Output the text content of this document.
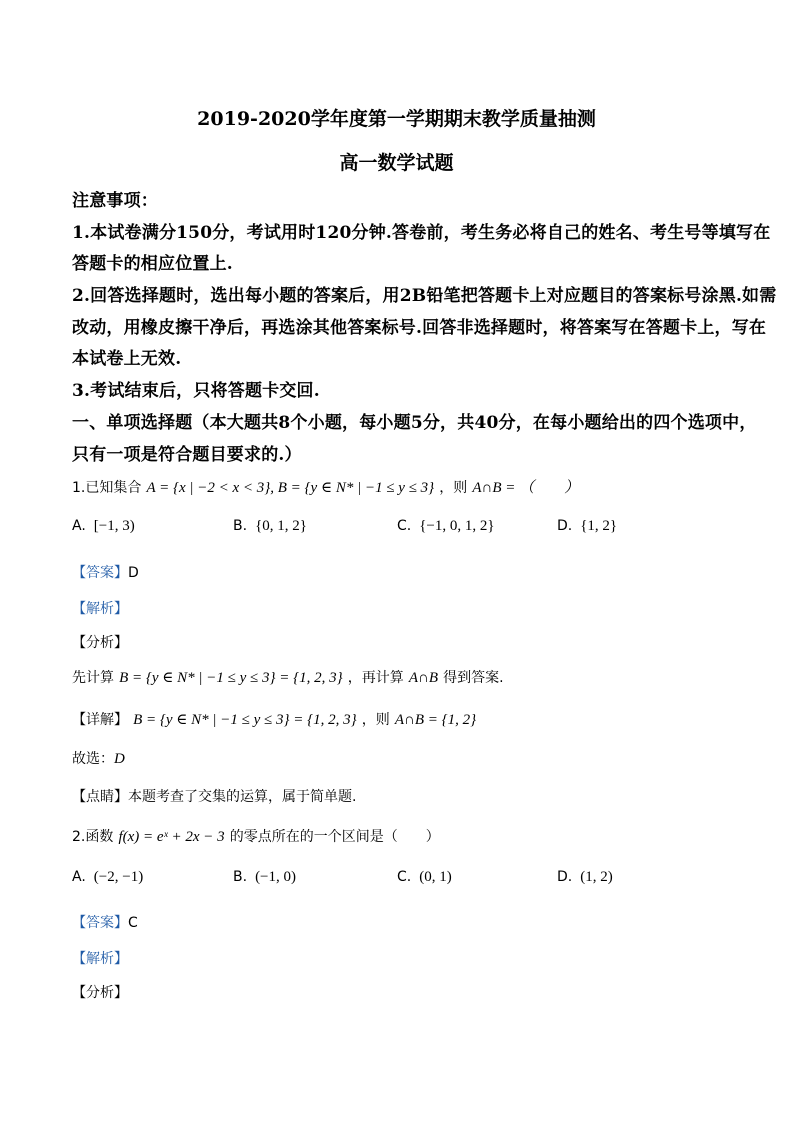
2019-2020学年度第一学期期末教学质量抽测
高一数学试题
注意事项：
1.本试卷满分150分，考试用时120分钟.答卷前，考生务必将自己的姓名、考生号等填写在
答题卡的相应位置上.
2.回答选择题时，选出每小题的答案后，用2B铅笔把答题卡上对应题目的答案标号涂黑.如需
改动，用橡皮擦干净后，再选涂其他答案标号.回答非选择题时，将答案写在答题卡上，写在
本试卷上无效.
3.考试结束后，只将答题卡交回.
一、单项选择题（本大题共8个小题，每小题5分，共40分，在每小题给出的四个选项中，
只有一项是符合题目要求的.）
1.已知集合 A = {x | −2 < x < 3}, B = {y ∈ N* | −1 ≤ y ≤ 3} ，则 A∩B = （　　）
A. [−1, 3)	B. {0, 1, 2}	C. {−1, 0, 1, 2}	D. {1, 2}
【答案】D
【解析】
【分析】
先计算 B = {y ∈ N* | −1 ≤ y ≤ 3} = {1, 2, 3} ，再计算 A∩B 得到答案.
【详解】 B = {y ∈ N* | −1 ≤ y ≤ 3} = {1, 2, 3} ，则 A∩B = {1, 2}
故选：D
【点睛】本题考查了交集的运算，属于简单题.
2.函数 f(x) = eˣ + 2x − 3 的零点所在的一个区间是（　　）
A. (−2, −1)	B. (−1, 0)	C. (0, 1)	D. (1, 2)
【答案】C
【解析】
【分析】
